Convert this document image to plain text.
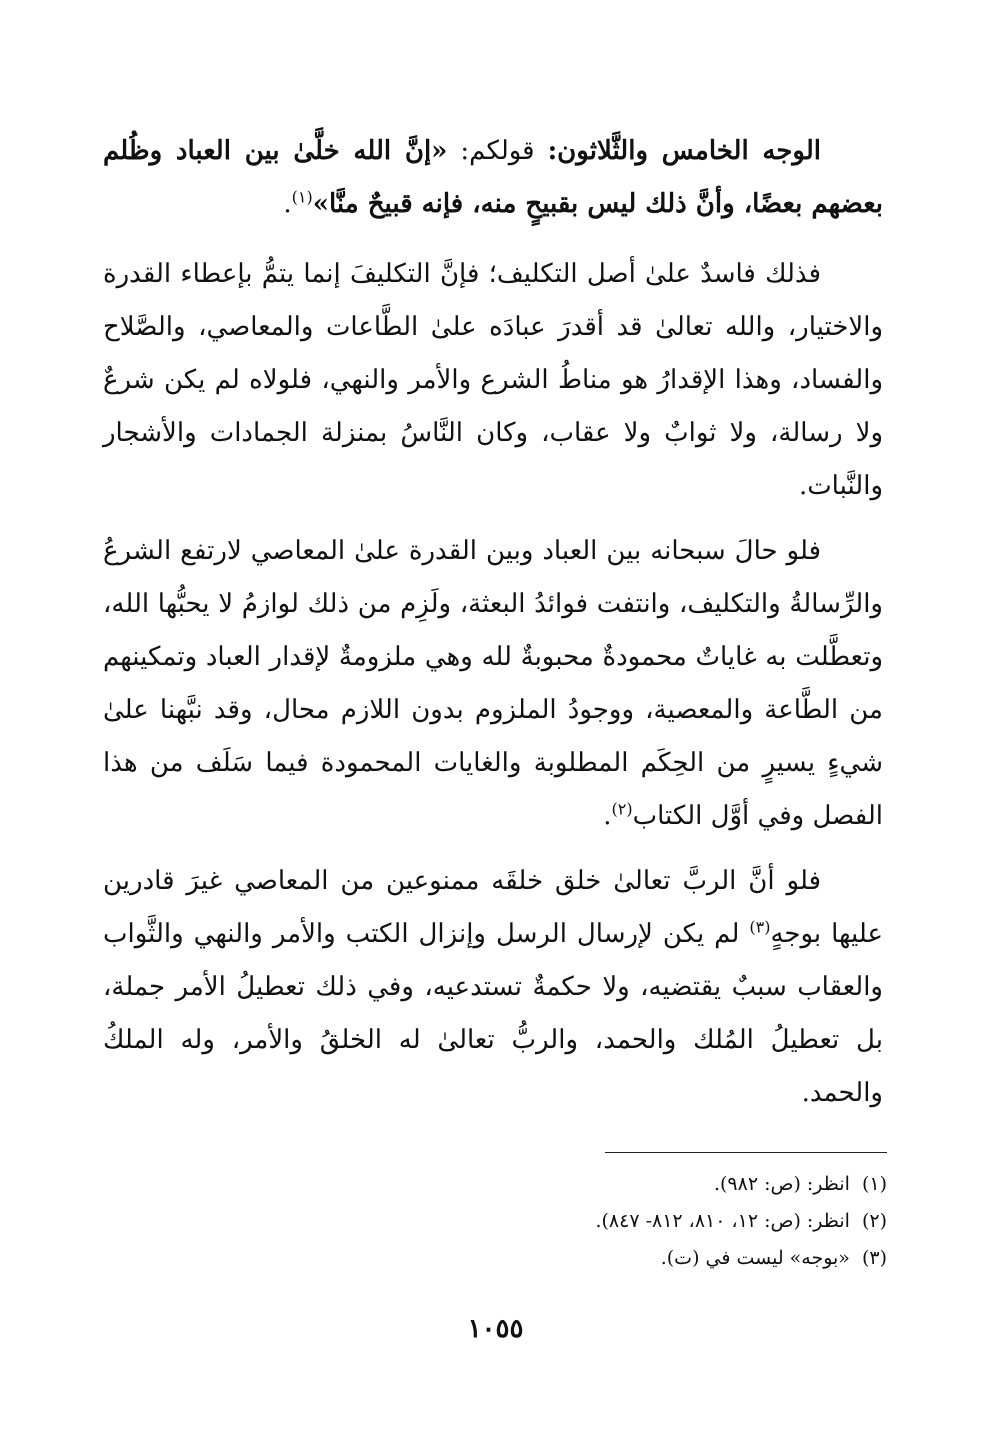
الوجه الخامس والثَّلاثون: قولكم: «إنَّ الله خلَّىٰ بين العباد وظُلم بعضهم بعضًا، وأنَّ ذلك ليس بقبيحٍ منه، فإنه قبيحٌ منَّا»$^{(١)}$.

فذلك فاسدٌ علىٰ أصل التكليف؛ فإنَّ التكليفَ إنما يتمُّ بإعطاء القدرة والاختيار، والله تعالىٰ قد أقدرَ عبادَه علىٰ الطَّاعات والمعاصي، والصَّلاح والفساد، وهذا الإقدارُ هو مناطُ الشرع والأمر والنهي، فلولاه لم يكن شرعٌ ولا رسالة، ولا ثوابٌ ولا عقاب، وكان النَّاسُ بمنزلة الجمادات والأشجار والنَّبات.

فلو حالَ سبحانه بين العباد وبين القدرة علىٰ المعاصي لارتفع الشرعُ والرِّسالةُ والتكليف، وانتفت فوائدُ البعثة، ولَزِم من ذلك لوازمُ لا يحبُّها الله، وتعطَّلت به غاياتٌ محمودةٌ محبوبةٌ لله وهي ملزومةٌ لإقدار العباد وتمكينهم من الطَّاعة والمعصية، ووجودُ الملزوم بدون اللازم محال، وقد نبَّهنا علىٰ شيءٍ يسيرٍ من الحِكَم المطلوبة والغايات المحمودة فيما سَلَف من هذا الفصل وفي أوَّل الكتاب$^{(٢)}$.

فلو أنَّ الربَّ تعالىٰ خلق خلقَه ممنوعين من المعاصي غيرَ قادرين عليها بوجهٍ$^{(٣)}$ لم يكن لإرسال الرسل وإنزال الكتب والأمر والنهي والثَّواب والعقاب سببٌ يقتضيه، ولا حكمةٌ تستدعيه، وفي ذلك تعطيلُ الأمر جملة، بل تعطيلُ المُلك والحمد، والربُّ تعالىٰ له الخلقُ والأمر، وله الملكُ والحمد.

(١)انظر: (ص: ٩٨٢).

(٢)انظر: (ص: ١٢، ٨١٠، ٨١٢- ٨٤٧).

(٣)«بوجه» ليست في (ت).

١٠٥٥
